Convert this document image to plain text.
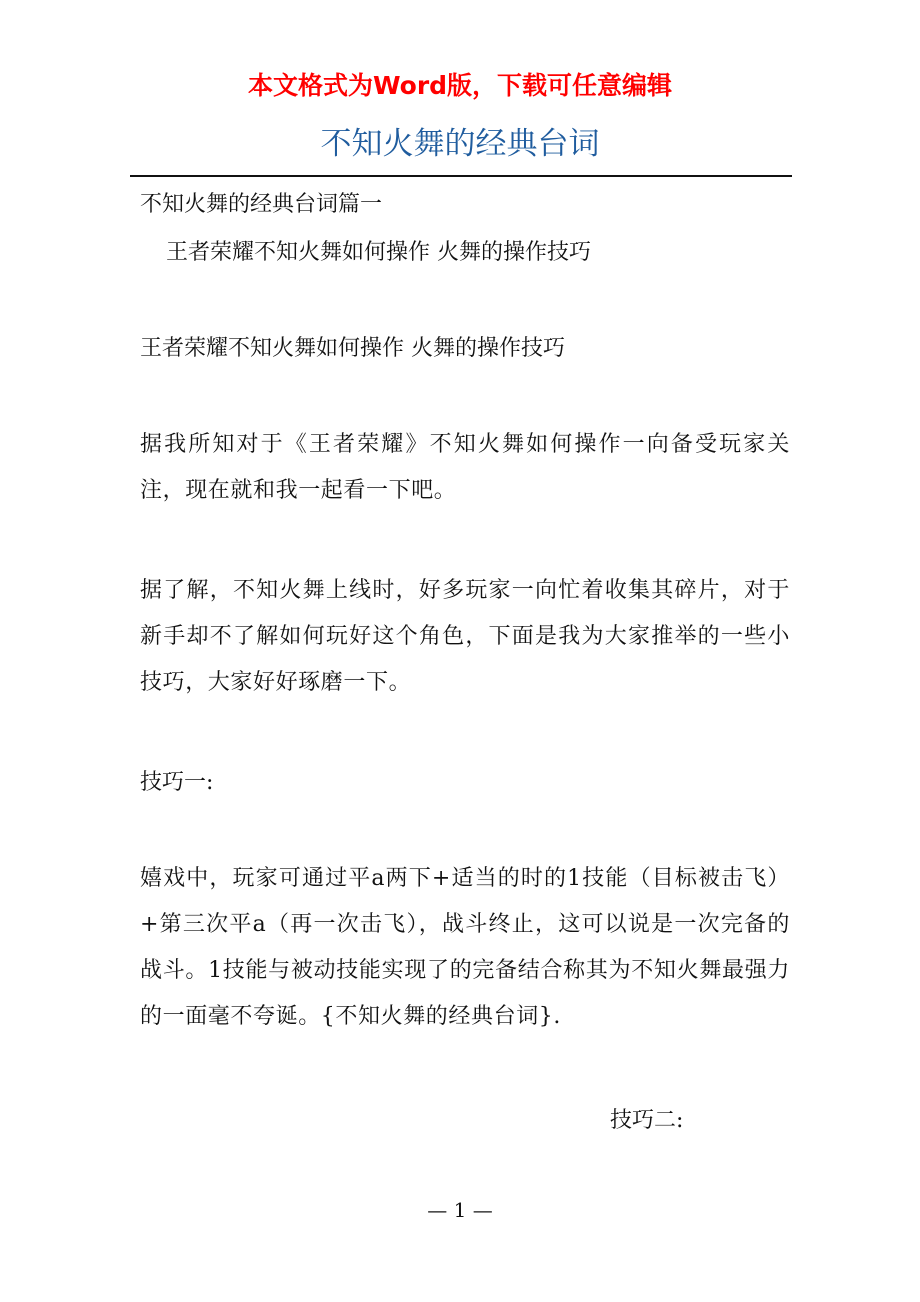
本文格式为Word版，下载可任意编辑
不知火舞的经典台词
不知火舞的经典台词篇一
王者荣耀不知火舞如何操作 火舞的操作技巧
王者荣耀不知火舞如何操作 火舞的操作技巧
据我所知对于《王者荣耀》不知火舞如何操作一向备受玩家关注，现在就和我一起看一下吧。
据了解，不知火舞上线时，好多玩家一向忙着收集其碎片，对于新手却不了解如何玩好这个角色，下面是我为大家推举的一些小技巧，大家好好琢磨一下。
技巧一:
嬉戏中，玩家可通过平a两下+适当的时的1技能（目标被击飞）+第三次平a（再一次击飞），战斗终止，这可以说是一次完备的战斗。1技能与被动技能实现了的完备结合称其为不知火舞最强力的一面毫不夸诞。{不知火舞的经典台词}.
技巧二:
— 1 —
